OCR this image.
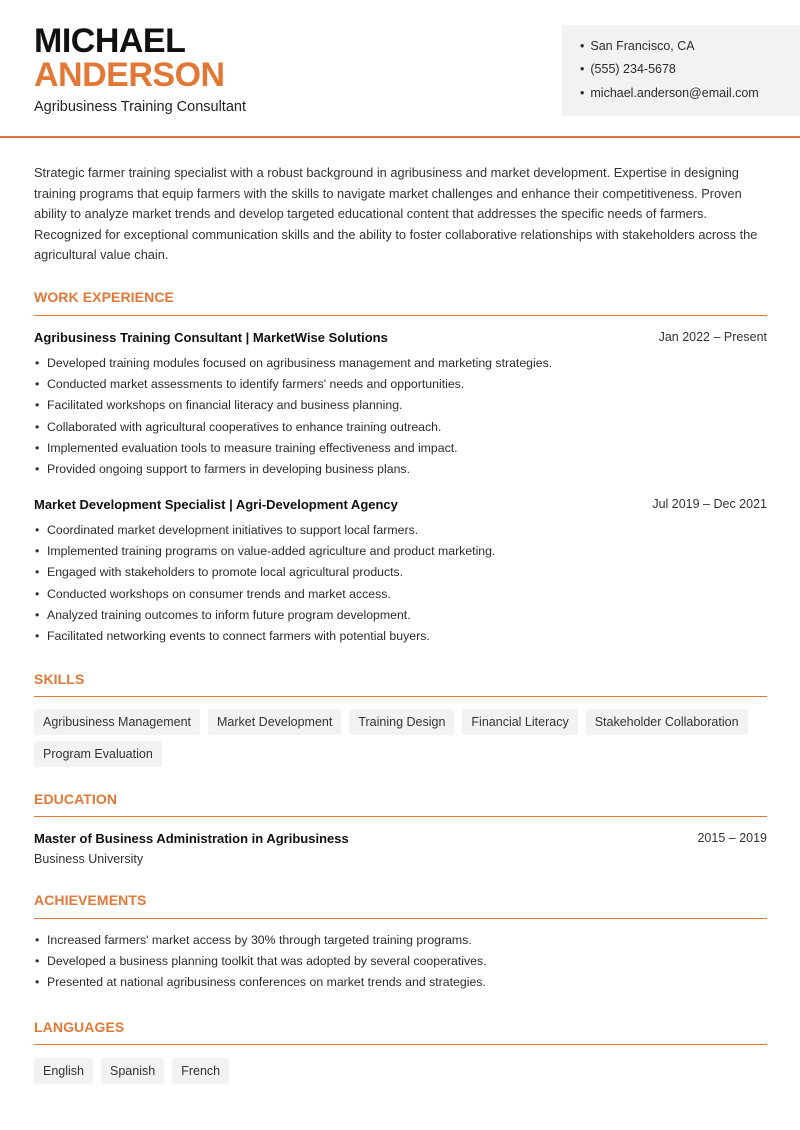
MICHAEL
ANDERSON
Agribusiness Training Consultant
• San Francisco, CA
• (555) 234-5678
• michael.anderson@email.com

Strategic farmer training specialist with a robust background in agribusiness and market development. Expertise in designing training programs that equip farmers with the skills to navigate market challenges and enhance their competitiveness. Proven ability to analyze market trends and develop targeted educational content that addresses the specific needs of farmers. Recognized for exceptional communication skills and the ability to foster collaborative relationships with stakeholders across the agricultural value chain.

WORK EXPERIENCE
Agribusiness Training Consultant | MarketWise Solutions	Jan 2022 – Present
• Developed training modules focused on agribusiness management and marketing strategies.
• Conducted market assessments to identify farmers' needs and opportunities.
• Facilitated workshops on financial literacy and business planning.
• Collaborated with agricultural cooperatives to enhance training outreach.
• Implemented evaluation tools to measure training effectiveness and impact.
• Provided ongoing support to farmers in developing business plans.
Market Development Specialist | Agri-Development Agency	Jul 2019 – Dec 2021
• Coordinated market development initiatives to support local farmers.
• Implemented training programs on value-added agriculture and product marketing.
• Engaged with stakeholders to promote local agricultural products.
• Conducted workshops on consumer trends and market access.
• Analyzed training outcomes to inform future program development.
• Facilitated networking events to connect farmers with potential buyers.
SKILLS
Agribusiness Management	Market Development	Training Design	Financial Literacy	Stakeholder Collaboration
Program Evaluation
EDUCATION
Master of Business Administration in Agribusiness	2015 – 2019
Business University
ACHIEVEMENTS
• Increased farmers' market access by 30% through targeted training programs.
• Developed a business planning toolkit that was adopted by several cooperatives.
• Presented at national agribusiness conferences on market trends and strategies.
LANGUAGES
English	Spanish	French
